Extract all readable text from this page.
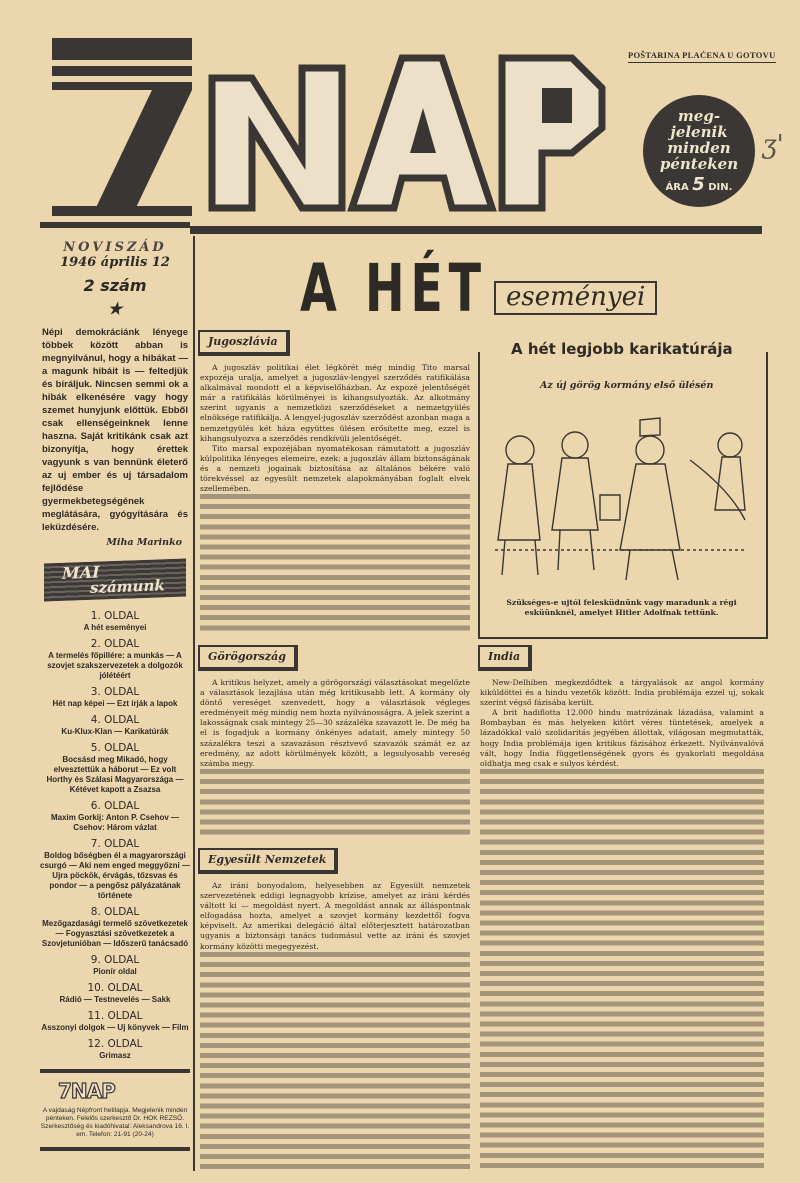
POŠTARINA PLAĆENA U GOTOVU
meg-
jelenik
minden
pénteken
ÁRA 5 DIN.
ʒ'
NOVISZÁD
1946 április 12
2 szám
★
Népi demokráciánk lényege többek között abban is megnyilvánul, hogy a hibákat — a magunk hibáit is — feltedjük és bíráljuk. Nincsen semmi ok a hibák elkenésére vagy hogy szemet hunyjunk előttük. Ebből csak ellenségeinknek lenne haszna. Saját kritikánk csak azt bizonyítja, hogy érettek vagyunk s van bennünk életerő az uj ember és uj társadalom fejlődése gyermekbetegségének meglátására, gyógyítására és leküzdésére.
Miha Marinko
MAI
számunk
1. OLDAL
A hét eseményei
2. OLDAL
A termelés főpillére: a munkás — A szovjet szakszervezetek a dolgozók jólétéért
3. OLDAL
Hét nap képei — Ezt írják a lapok
4. OLDAL
Ku-Klux-Klan — Karikatúrák
5. OLDAL
Bocsásd meg Mikadó, hogy elvesztettük a háborut — Ez volt Horthy és Szálasi Magyarországa — Kétévet kapott a Zsazsa
6. OLDAL
Maxim Gorkij: Anton P. Csehov — Csehov: Három vázlat
7. OLDAL
Boldog bőségben él a magyarországi csurgó — Aki nem enged meggyőzni — Ujra pöckök, érvágás, tőzsvas és pondor — a pengősz pályázatának története
8. OLDAL
Mezőgazdasági termelő szövetkezetek — Fogyasztási szövetkezetek a Szovjetunióban — Időszerű tanácsadó
9. OLDAL
Pionír oldal
10. OLDAL
Rádió — Testnevelés — Sakk
11. OLDAL
Asszonyi dolgok — Uj könyvek — Film
12. OLDAL
Grimasz
7NAP
A vajdaság Népfront hetilapja. Megjelenik minden pénteken. Felelős szerkesztő Dr. HOK REZSŐ. Szerkesztőség és kiadóhivatal: Aleksandrova 16. I. em. Telefon: 21-91 (20-24)
A HÉT eseményei
Jugoszlávia

A jugoszláv politikai élet légkörét még mindig Tito marsal expozéja uralja, amelyet a jugoszláv-lengyel szerződés ratifikálása alkalmával mondott el a képviselőházban. Az expozé jelentőségét már a ratifikálás körülményei is kihangsulyozták. Az alkotmány szerint ugyanis a nemzetközi szerződéseket a nemzetgyülés elnöksége ratifikálja. A lengyel-jugoszláv szerződést azonban maga a nemzetgyülés két háza együttes ülésen erősítette meg, ezzel is kihangsulyozva a szerződés rendkívüli jelentőségét.

Tito marsal expozéjában nyomatékosan rámutatott a jugoszláv külpolitika lényeges elemeire, ezek: a jugoszláv állam biztonságának és a nemzeti jogainak biztosítása az általános békére való törekvéssel az egyesült nemzetek alapokmányában foglalt elvek szellemében.

A hét legjobb karikatúrája
Az új görög kormány első ülésén
Szükséges-e ujtól felesküdnünk vagy maradunk a régi esküünknél, amelyet Hitler Adolfnak tettünk.
Görögország

A kritikus helyzet, amely a görögországi választásokat megelőzte a választások lezajlása után még kritikusabb lett. A kormány oly döntő vereséget szenvedett, hogy a választások végleges eredményeit még mindig nem hozta nyilvánosságra. A jelek szerint a lakosságnak csak mintegy 25—30 százaléka szavazott le. De még ha el is fogadjuk a kormány önkényes adatait, amely mintegy 50 százalékra teszi a szavazáson résztvevő szavazók számát ez az eredmény, az adott körülmények között, a legsulyosabb vereség számba megy.

Egyesült Nemzetek

Az iráni bonyodalom, helyesebben az Egyesült nemzetek szervezetének eddigi legnagyobb krízise, amelyet az iráni kérdés váltott ki — megoldást nyert. A megoldást annak az álláspontnak elfogadása hozta, amelyet a szovjet kormány kezdettől fogva képviselt. Az amerikai delegáció által előterjesztett határozatban ugyanis a biztonsági tanács tudomásul vette az iráni és szovjet kormány közötti megegyezést.

India

New-Delhiben megkezdődtek a tárgyalások az angol kormány kiküldöttei és a hindu vezetők között. India problémája ezzel uj, sokak szerint végső fázisába került.

A brit hadiflotta 12.000 hindu matrózának lázadása, valamint a Bombayban és más helyeken kitört véres tüntetések, amelyek a lázadókkal való szolidaritás jegyében állottak, világosan megmutatták, hogy India problémája igen kritikus fázisához érkezett. Nyilvánvalóvá vált, hogy India függetlenségének gyors és gyakorlati megoldása oldhatja meg csak e sulyos kérdést.
